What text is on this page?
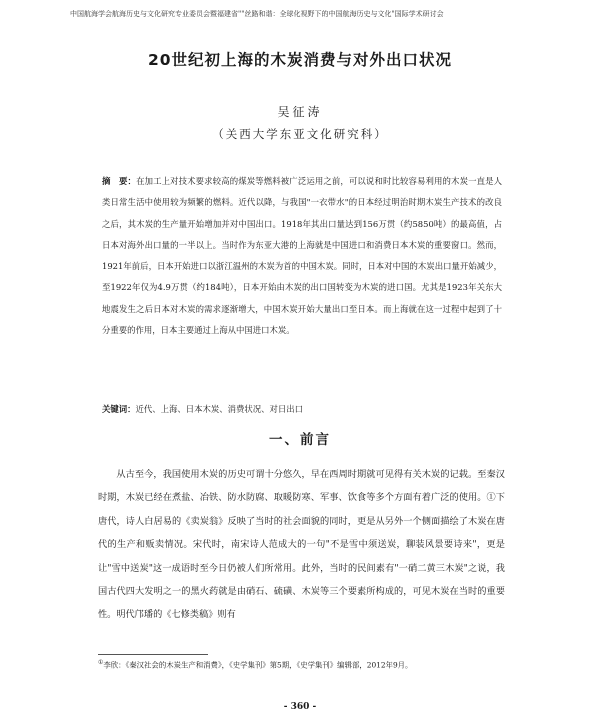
中国航海学会航海历史与文化研究专业委员会暨福建省""丝路和谐：全球化视野下的中国航海历史与文化"国际学术研讨会
20世纪初上海的木炭消费与对外出口状况
吴征涛
（关西大学东亚文化研究科）
摘　要：在加工上对技术要求较高的煤炭等燃料被广泛运用之前，可以说和时比较容易利用的木炭一直是人类日常生活中使用较为频繁的燃料。近代以降，与我国"一衣带水"的日本经过明治时期木炭生产技术的改良之后，其木炭的生产量开始增加并对中国出口。1918年其出口量达到156万贯（约5850吨）的最高值，占日本对海外出口量的一半以上。当时作为东亚大港的上海就是中国进口和消费日本木炭的重要窗口。然而，1921年前后，日本开始进口以浙江温州的木炭为首的中国木炭。同时，日本对中国的木炭出口量开始减少，至1922年仅为4.9万贯（约184吨），日本开始由木炭的出口国转变为木炭的进口国。尤其是1923年关东大地震发生之后日本对木炭的需求逐渐增大，中国木炭开始大量出口至日本。而上海就在这一过程中起到了十分重要的作用，日本主要通过上海从中国进口木炭。
关键词：近代、上海、日本木炭、消费状况、对日出口
一、前言
从古至今，我国使用木炭的历史可谓十分悠久，早在西周时期就可见得有关木炭的记载。至秦汉时期，木炭已经在煮盐、冶铁、防水防腐、取暖防寒、军事、饮食等多个方面有着广泛的使用。①下唐代，诗人白居易的《卖炭翁》反映了当时的社会面貌的同时，更是从另外一个侧面描绘了木炭在唐代的生产和贩卖情况。宋代时，南宋诗人范成大的一句"不是雪中须送炭，聊装风景要诗来"，更是让"雪中送炭"这一成语时至今日仍被人们所常用。此外，当时的民间素有"一硝二黄三木炭"之说，我国古代四大发明之一的黑火药就是由硝石、硫磺、木炭等三个要素所构成的，可见木炭在当时的重要性。明代邝璠的《七修类稿》则有
①李欣：《秦汉社会的木炭生产和消费》，《史学集刊》第5期，《史学集刊》编辑部，2012年9月。
- 360 -
